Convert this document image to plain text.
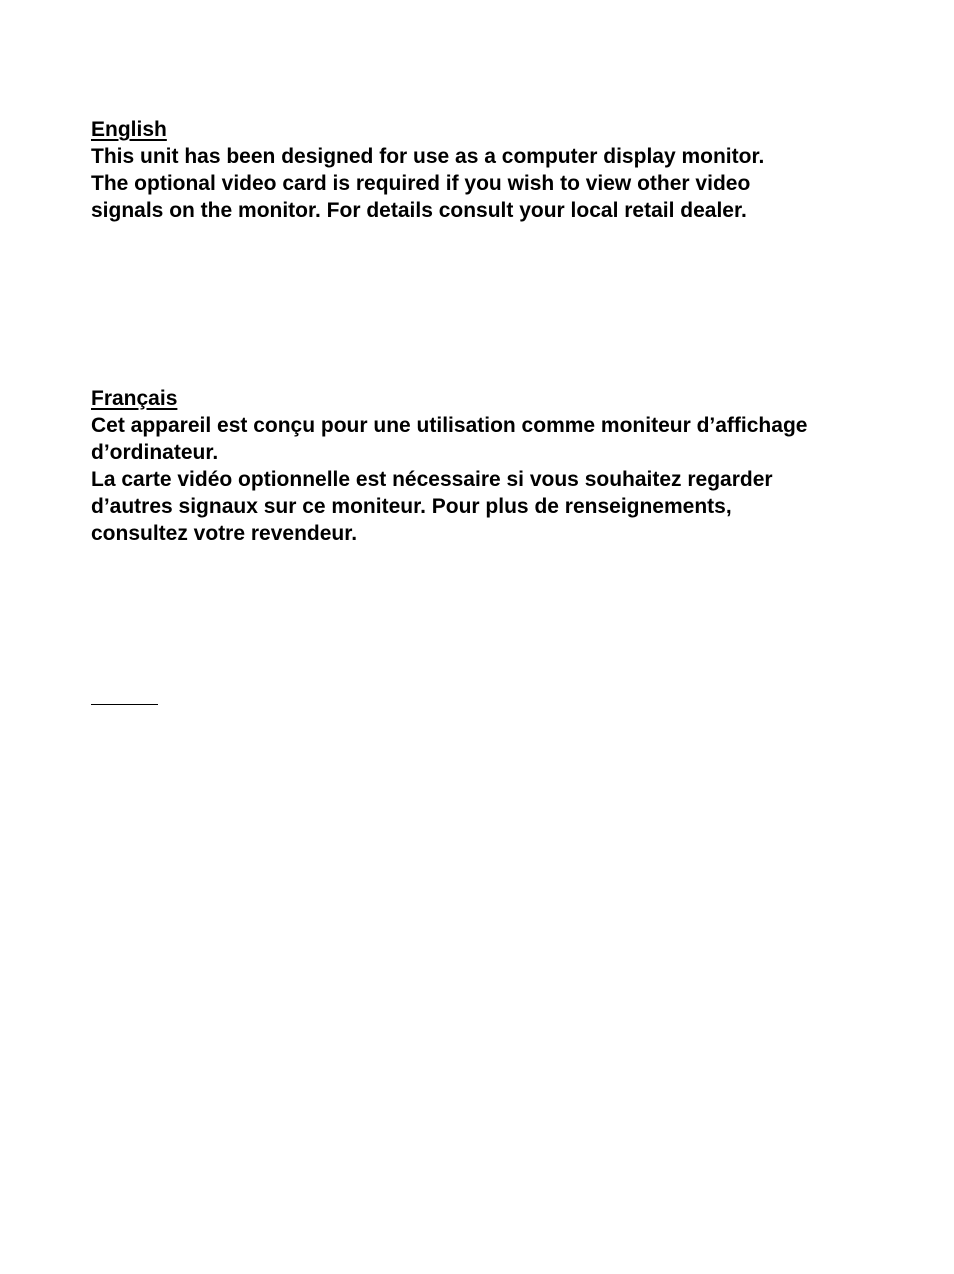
English

This unit has been designed for use as a computer display monitor.

The optional video card is required if you wish to view other video

signals on the monitor. For details consult your local retail dealer.

Français

Cet appareil est conçu pour une utilisation comme moniteur d’affichage

d’ordinateur.

La carte vidéo optionnelle est nécessaire si vous souhaitez regarder

d’autres signaux sur ce moniteur. Pour plus de renseignements,

consultez votre revendeur.
